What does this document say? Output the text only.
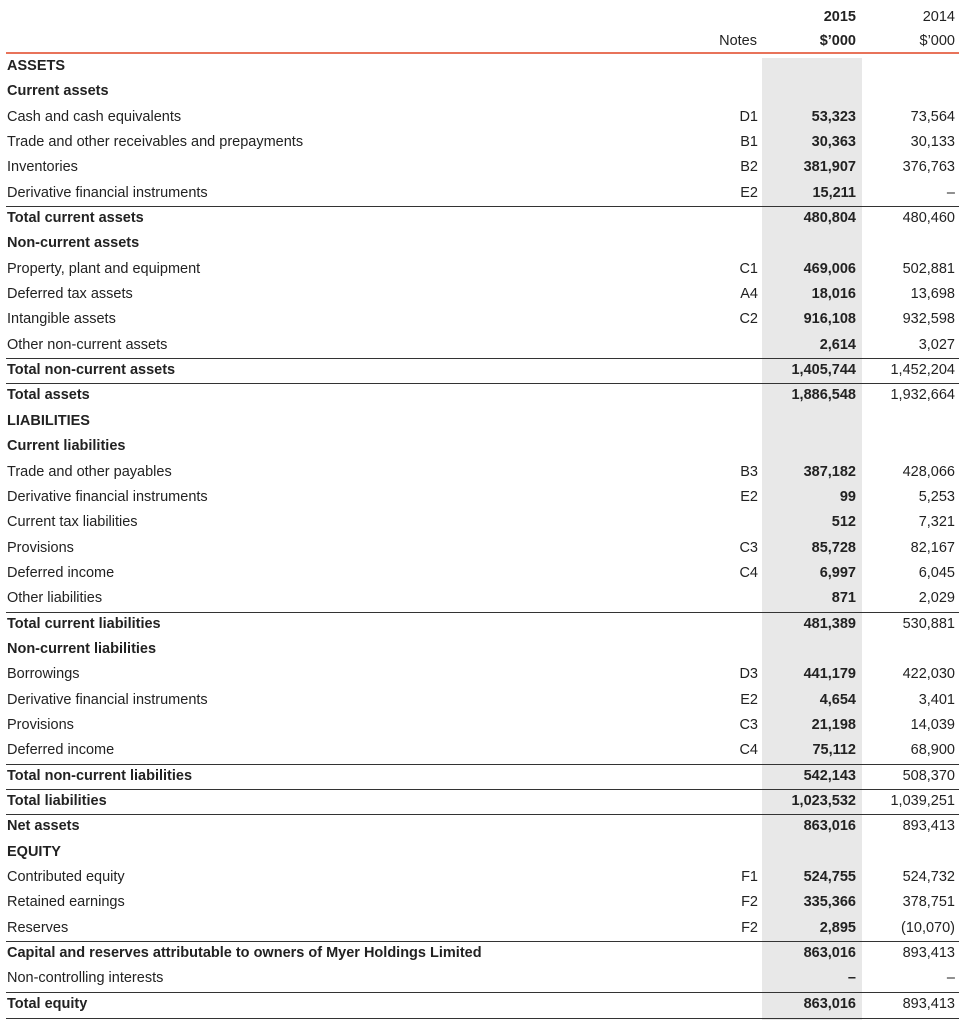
2015	2014
Notes	$’000	$’000
ASSETS
Current assets
Cash and cash equivalents	D1	53,323	73,564
Trade and other receivables and prepayments	B1	30,363	30,133
Inventories	B2	381,907	376,763
Derivative financial instruments	E2	15,211	–
Total current assets	480,804	480,460
Non-current assets
Property, plant and equipment	C1	469,006	502,881
Deferred tax assets	A4	18,016	13,698
Intangible assets	C2	916,108	932,598
Other non-current assets	2,614	3,027
Total non-current assets	1,405,744 1,452,204
Total assets	1,886,548 1,932,664
LIABILITIES
Current liabilities
Trade and other payables	B3	387,182	428,066
Derivative financial instruments	E2	99	5,253
Current tax liabilities	512	7,321
Provisions	C3	85,728	82,167
Deferred income	C4	6,997	6,045
Other liabilities	871	2,029
Total current liabilities	481,389	530,881
Non-current liabilities
Borrowings	D3	441,179	422,030
Derivative financial instruments	E2	4,654	3,401
Provisions	C3	21,198	14,039
Deferred income	C4	75,112	68,900
Total non-current liabilities	542,143	508,370
Total liabilities	1,023,532 1,039,251
Net assets	863,016	893,413
EQUITY
Contributed equity	F1	524,755	524,732
Retained earnings	F2	335,366	378,751
Reserves	F2	2,895	(10,070)
Capital and reserves attributable to owners of Myer Holdings Limited	863,016	893,413
Non-controlling interests	–	–
Total equity	863,016	893,413
